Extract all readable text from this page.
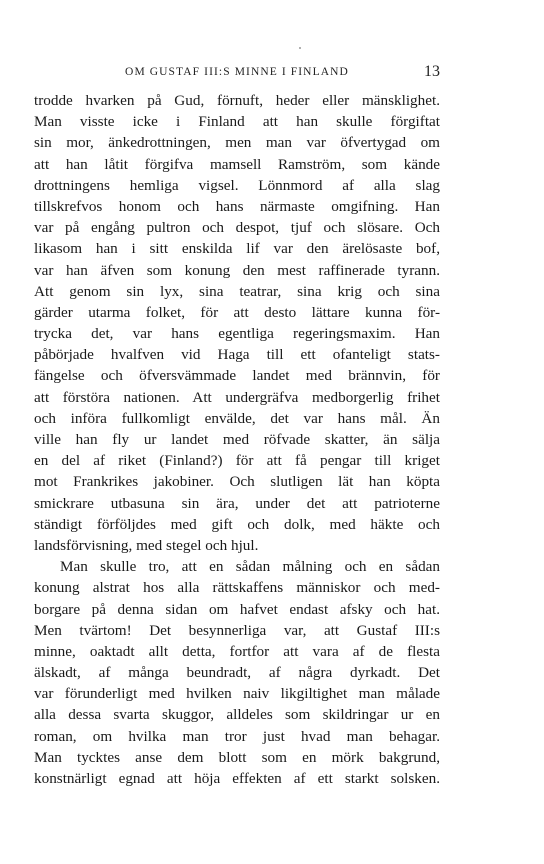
OM GUSTAF III:S MINNE I FINLAND	13
trodde hvarken på Gud, förnuft, heder eller mänsklighet.
Man visste icke i Finland att han skulle förgiftat
sin mor, änkedrottningen, men man var öfvertygad om
att han låtit förgifva mamsell Ramström, som kände
drottningens hemliga vigsel. Lönnmord af alla slag
tillskrefvos honom och hans närmaste omgifning. Han
var på engång pultron och despot, tjuf och slösare. Och
likasom han i sitt enskilda lif var den ärelösaste bof,
var han äfven som konung den mest raffinerade tyrann.
Att genom sin lyx, sina teatrar, sina krig och sina
gärder utarma folket, för att desto lättare kunna för-
trycka det, var hans egentliga regeringsmaxim. Han
påbörjade hvalfven vid Haga till ett ofanteligt stats-
fängelse och öfversvämmade landet med brännvin, för
att förstöra nationen. Att undergräfva medborgerlig frihet
och införa fullkomligt envälde, det var hans mål. Än
ville han fly ur landet med röfvade skatter, än sälja
en del af riket (Finland?) för att få pengar till kriget
mot Frankrikes jakobiner. Och slutligen lät han köpta
smickrare utbasuna sin ära, under det att patrioterne
ständigt förföljdes med gift och dolk, med häkte och
landsförvisning, med stegel och hjul.
Man skulle tro, att en sådan målning och en sådan
konung alstrat hos alla rättskaffens människor och med-
borgare på denna sidan om hafvet endast afsky och hat.
Men tvärtom! Det besynnerliga var, att Gustaf III:s
minne, oaktadt allt detta, fortfor att vara af de flesta
älskadt, af många beundradt, af några dyrkadt. Det
var förunderligt med hvilken naiv likgiltighet man målade
alla dessa svarta skuggor, alldeles som skildringar ur en
roman, om hvilka man tror just hvad man behagar.
Man tycktes anse dem blott som en mörk bakgrund,
konstnärligt egnad att höja effekten af ett starkt solsken.
